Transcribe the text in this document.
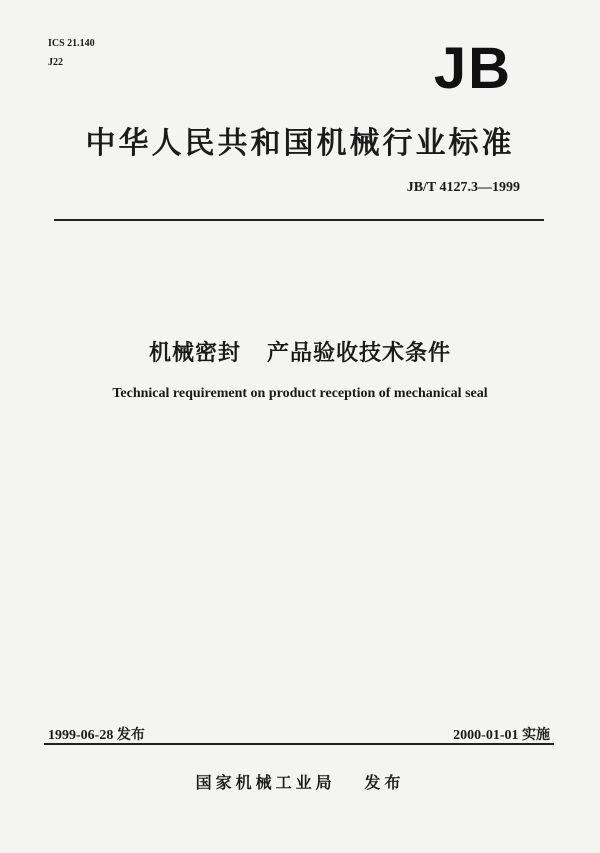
ICS 21.140
J22	JB
中华人民共和国机械行业标准
JB/T 4127.3—1999
机械密封   产品验收技术条件
Technical requirement on product reception of mechanical seal
1999-06-28 发布	2000-01-01 实施
国家机械工业局   发布
